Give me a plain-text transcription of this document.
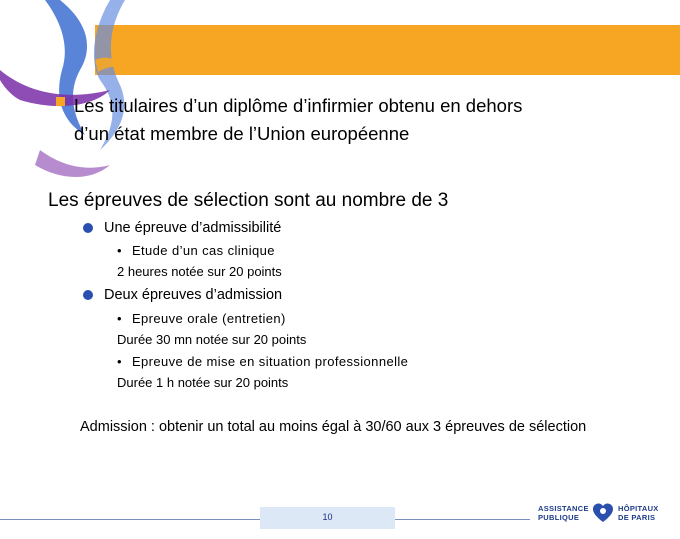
Les titulaires d’un diplôme d’infirmier obtenu en dehors
d’un état membre de l’Union européenne
Les épreuves de sélection sont au nombre de 3
Une épreuve d’admissibilité
• Etude d’un cas clinique
2 heures notée sur 20 points
Deux épreuves d’admission
• Epreuve orale (entretien)
Durée 30 mn notée sur 20 points
• Epreuve de mise en situation professionnelle
Durée 1 h notée sur 20 points
Admission : obtenir un total au moins égal à 30/60 aux 3 épreuves de sélection
10
ASSISTANCE
PUBLIQUE
HÔPITAUX
DE PARIS
